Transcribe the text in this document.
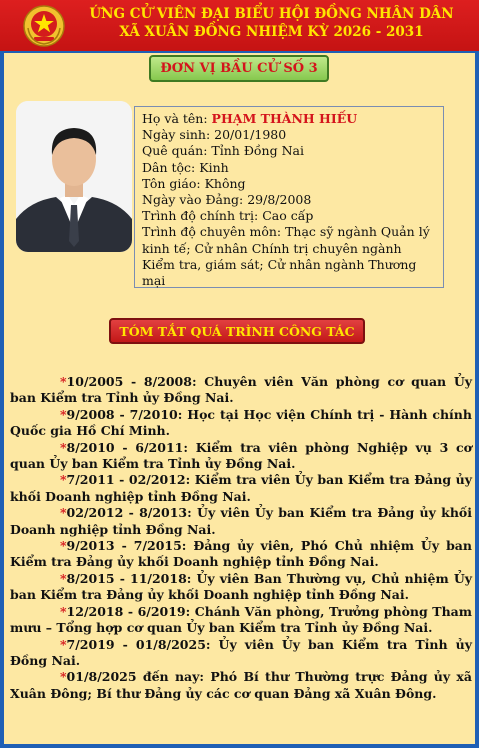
ỨNG CỬ VIÊN ĐẠI BIỂU HỘI ĐỒNG NHÂN DÂN
XÃ XUÂN ĐỒNG NHIỆM KỲ 2026 - 2031
ĐƠN VỊ BẦU CỬ SỐ 3
Họ và tên: PHẠM THÀNH HIẾU
Ngày sinh: 20/01/1980
Quê quán: Tỉnh Đồng Nai
Dân tộc: Kinh
Tôn giáo: Không
Ngày vào Đảng: 29/8/2008
Trình độ chính trị: Cao cấp
Trình độ chuyên môn: Thạc sỹ ngành Quản lý kinh tế; Cử nhân Chính trị chuyên ngành Kiểm tra, giám sát; Cử nhân ngành Thương mại
TÓM TẮT QUÁ TRÌNH CÔNG TÁC

*10/2005 - 8/2008: Chuyên viên Văn phòng cơ quan Ủy ban Kiểm tra Tỉnh ủy Đồng Nai.

*9/2008 - 7/2010: Học tại Học viện Chính trị - Hành chính Quốc gia Hồ Chí Minh.

*8/2010 - 6/2011: Kiểm tra viên phòng Nghiệp vụ 3 cơ quan Ủy ban Kiểm tra Tỉnh ủy Đồng Nai.

*7/2011 - 02/2012: Kiểm tra viên Ủy ban Kiểm tra Đảng ủy khối Doanh nghiệp tỉnh Đồng Nai.

*02/2012 - 8/2013: Ủy viên Ủy ban Kiểm tra Đảng ủy khối Doanh nghiệp tỉnh Đồng Nai.

*9/2013 - 7/2015: Đảng ủy viên, Phó Chủ nhiệm Ủy ban Kiểm tra Đảng ủy khối Doanh nghiệp tỉnh Đồng Nai.

*8/2015 - 11/2018: Ủy viên Ban Thường vụ, Chủ nhiệm Ủy ban Kiểm tra Đảng ủy khối Doanh nghiệp tỉnh Đồng Nai.

*12/2018 - 6/2019: Chánh Văn phòng, Trưởng phòng Tham mưu – Tổng hợp cơ quan Ủy ban Kiểm tra Tỉnh ủy Đồng Nai.

*7/2019 - 01/8/2025: Ủy viên Ủy ban Kiểm tra Tỉnh ủy Đồng Nai.

*01/8/2025 đến nay: Phó Bí thư Thường trực Đảng ủy xã Xuân Đông; Bí thư Đảng ủy các cơ quan Đảng xã Xuân Đông.
